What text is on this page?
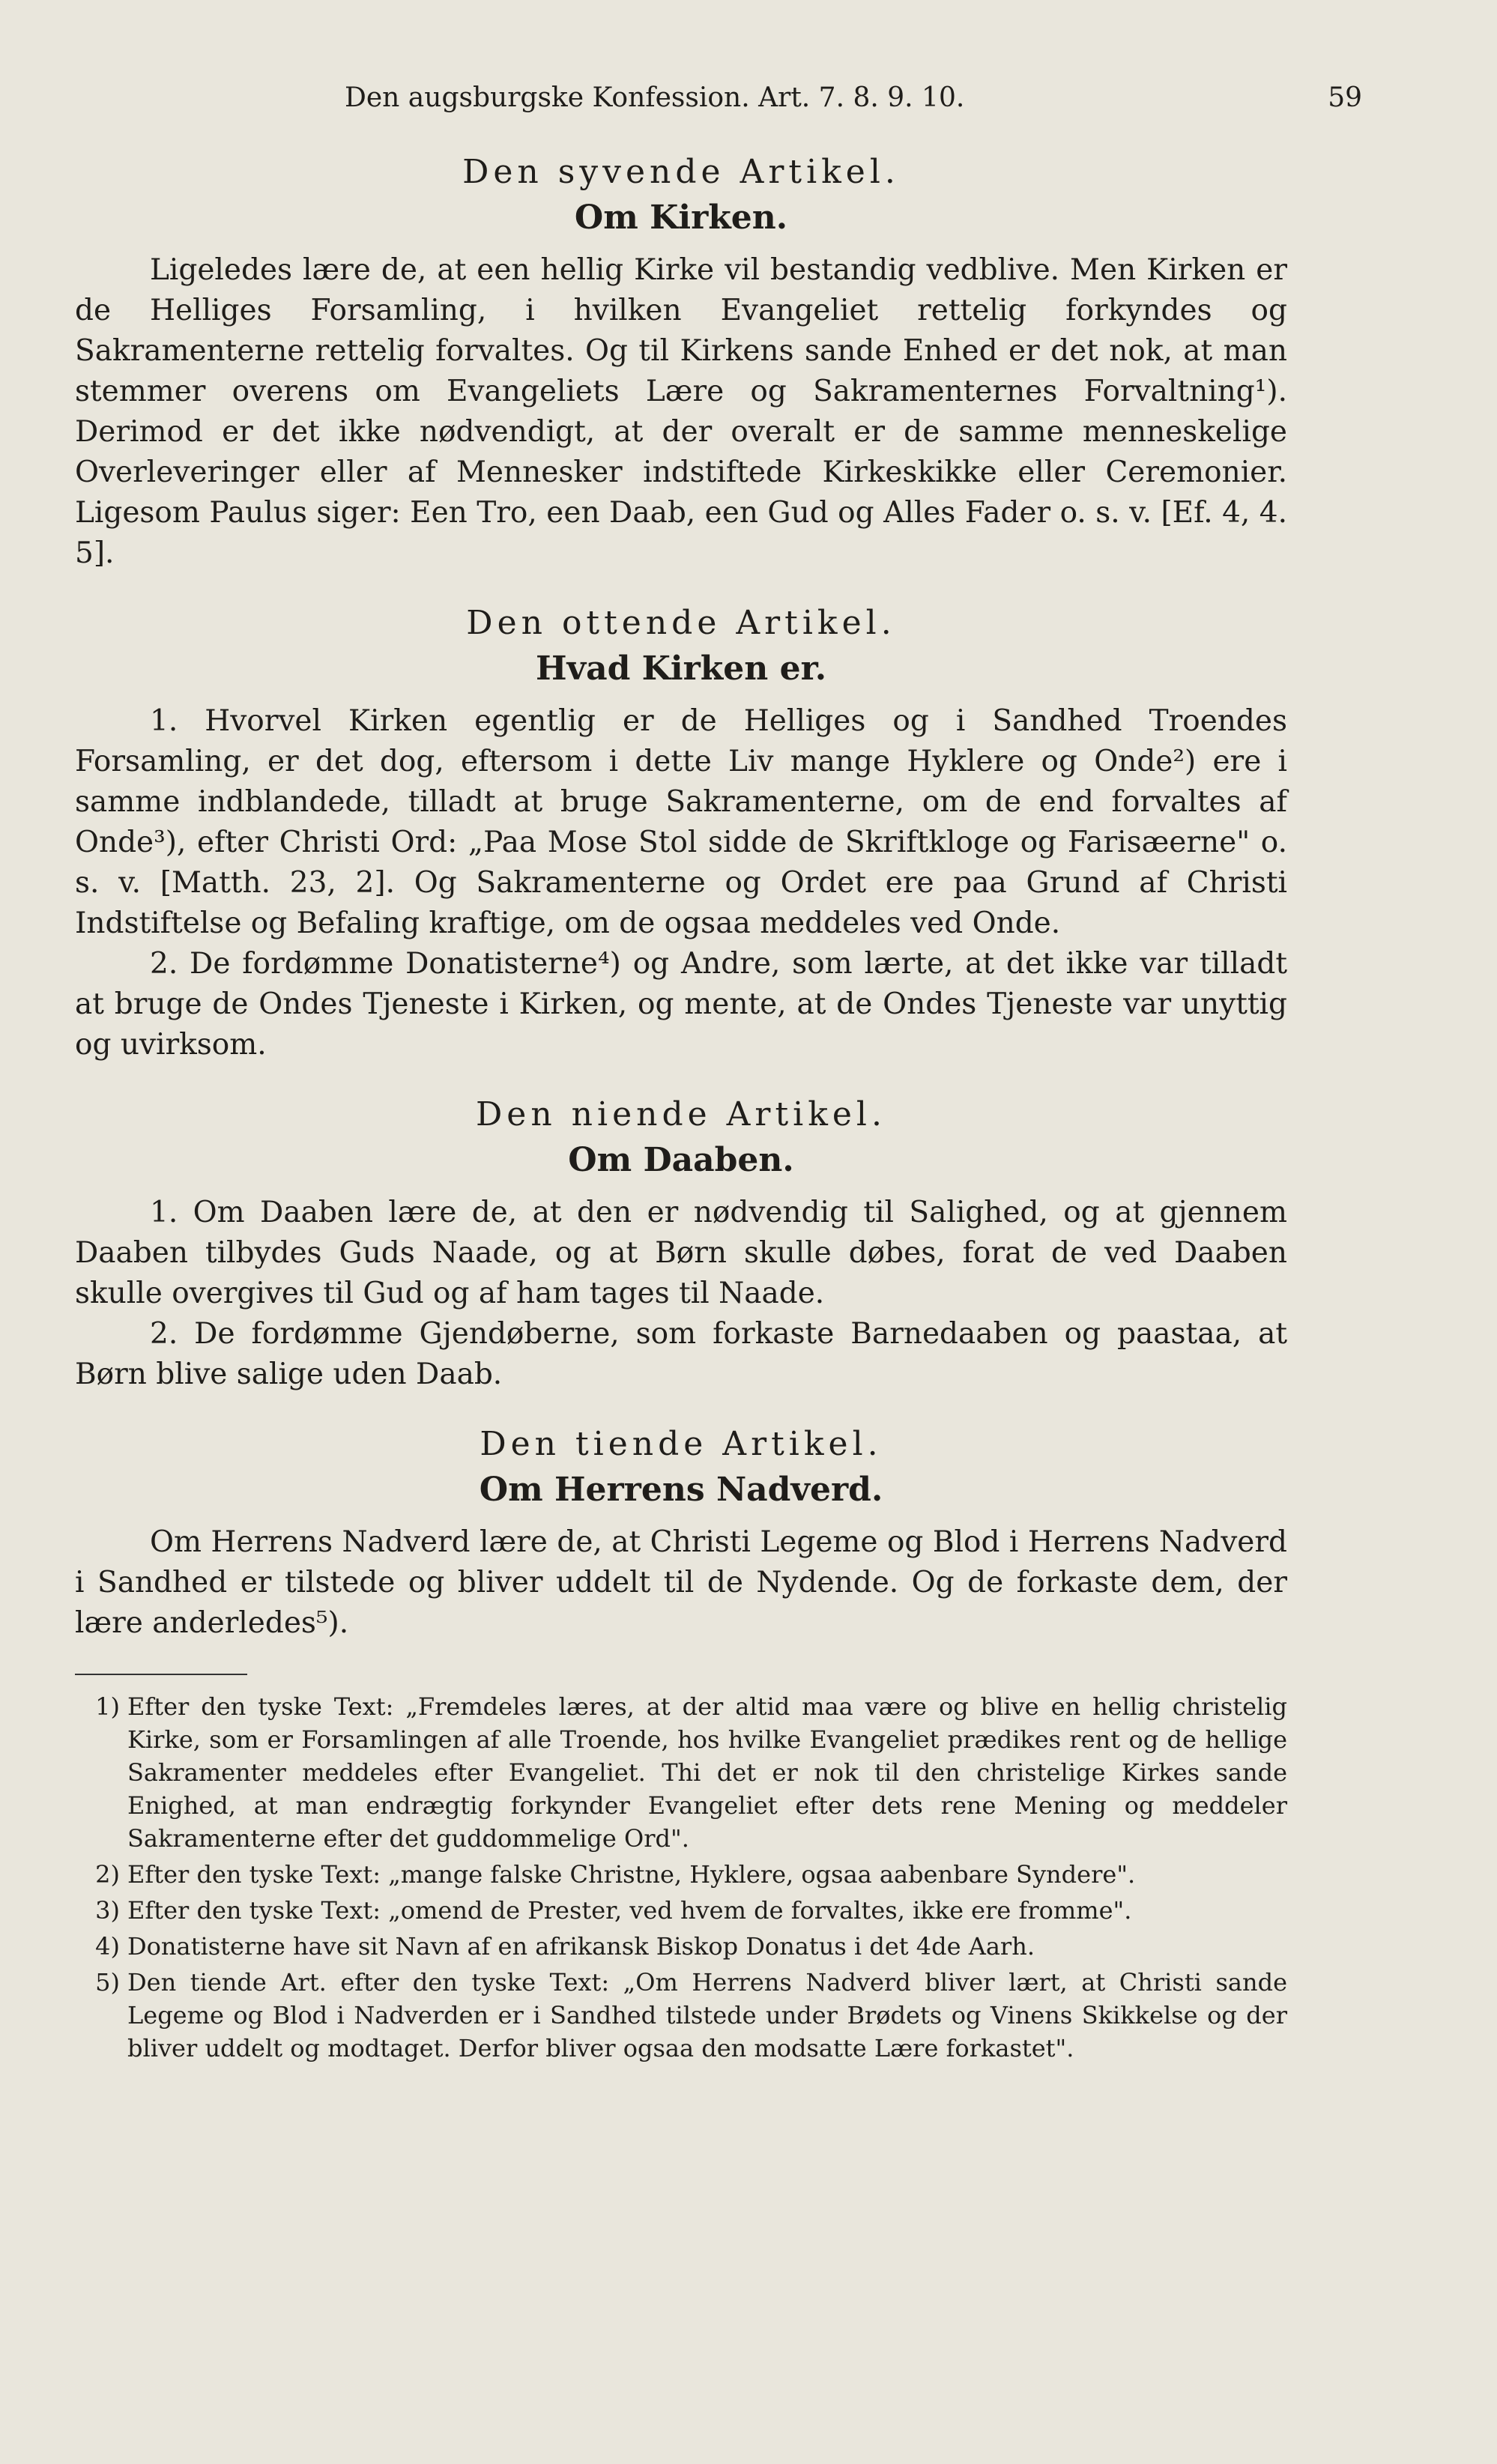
Den augsburgske Konfession. Art. 7. 8. 9. 10.	59
Den syvende Artikel.
Om Kirken.

Ligeledes lære de, at een hellig Kirke vil bestandig vedblive. Men Kirken er de Helliges Forsamling, i hvilken Evangeliet rettelig forkyndes og Sakramenterne rettelig forvaltes. Og til Kirkens sande Enhed er det nok, at man stemmer overens om Evangeliets Lære og Sakramenternes Forvaltning¹). Derimod er det ikke nødvendigt, at der overalt er de samme menneskelige Overleveringer eller af Mennesker indstiftede Kirkeskikke eller Ceremonier. Ligesom Paulus siger: Een Tro, een Daab, een Gud og Alles Fader o. s. v. [Ef. 4, 4. 5].

Den ottende Artikel.
Hvad Kirken er.

1. Hvorvel Kirken egentlig er de Helliges og i Sandhed Troendes Forsamling, er det dog, eftersom i dette Liv mange Hyklere og Onde²) ere i samme indblandede, tilladt at bruge Sakramenterne, om de end forvaltes af Onde³), efter Christi Ord: „Paa Mose Stol sidde de Skriftkloge og Farisæerne" o. s. v. [Matth. 23, 2]. Og Sakramenterne og Ordet ere paa Grund af Christi Indstiftelse og Befaling kraftige, om de ogsaa meddeles ved Onde.

2. De fordømme Donatisterne⁴) og Andre, som lærte, at det ikke var tilladt at bruge de Ondes Tjeneste i Kirken, og mente, at de Ondes Tjeneste var unyttig og uvirksom.

Den niende Artikel.
Om Daaben.

1. Om Daaben lære de, at den er nødvendig til Salighed, og at gjennem Daaben tilbydes Guds Naade, og at Børn skulle døbes, forat de ved Daaben skulle overgives til Gud og af ham tages til Naade.

2. De fordømme Gjendøberne, som forkaste Barnedaaben og paastaa, at Børn blive salige uden Daab.

Den tiende Artikel.
Om Herrens Nadverd.

Om Herrens Nadverd lære de, at Christi Legeme og Blod i Herrens Nadverd i Sandhed er tilstede og bliver uddelt til de Nydende. Og de forkaste dem, der lære anderledes⁵).

1) Efter den tyske Text: „Fremdeles læres, at der altid maa være og blive en hellig christelig Kirke, som er Forsamlingen af alle Troende, hos hvilke Evangeliet prædikes rent og de hellige Sakramenter meddeles efter Evangeliet. Thi det er nok til den christelige Kirkes sande Enighed, at man endrægtig forkynder Evangeliet efter dets rene Mening og meddeler Sakramenterne efter det guddommelige Ord".
2) Efter den tyske Text: „mange falske Christne, Hyklere, ogsaa aabenbare Syndere".
3) Efter den tyske Text: „omend de Prester, ved hvem de forvaltes, ikke ere fromme".
4) Donatisterne have sit Navn af en afrikansk Biskop Donatus i det 4de Aarh.
5) Den tiende Art. efter den tyske Text: „Om Herrens Nadverd bliver lært, at Christi sande Legeme og Blod i Nadverden er i Sandhed tilstede under Brødets og Vinens Skikkelse og der bliver uddelt og modtaget. Derfor bliver ogsaa den modsatte Lære forkastet".
